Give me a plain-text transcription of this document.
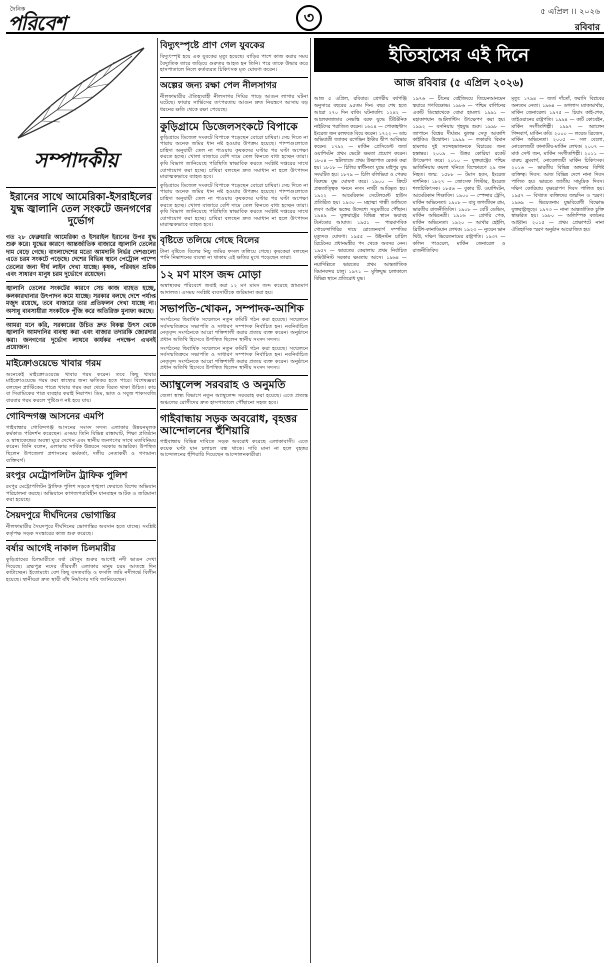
দৈনিক
পরিবেশ	৩	৫ এপ্রিল ।। ২০২৬
রবিবার
সম্পাদকীয়
ইরানের সাথে আমেরিকা-ইসরাইলের যুদ্ধ জ্বালানি তেল সংকটে জনগণের দুর্ভোগ

গত ২৮ ফেব্রুয়ারি আমেরিকা ও ইসরাইল ইরানের উপর যুদ্ধ শুরু করে। যুদ্ধের কারণে আন্তর্জাতিক বাজারে জ্বালানি তেলের দাম বেড়ে গেছে। বাংলাদেশের মতো আমদানি নির্ভর দেশগুলো এতে চরম সংকটে পড়েছে। দেশের বিভিন্ন স্থানে পেট্রোল পাম্পে তেলের জন্য দীর্ঘ লাইন দেখা যাচ্ছে। কৃষক, পরিবহন শ্রমিক এবং সাধারণ মানুষ চরম দুর্ভোগে রয়েছেন।

জ্বালানি তেলের সংকটের কারণে সেচ কাজ ব্যাহত হচ্ছে, কলকারখানার উৎপাদন কমে যাচ্ছে। সরকার বলছে দেশে পর্যাপ্ত মজুদ রয়েছে, তবে বাজারে তার প্রতিফলন দেখা যাচ্ছে না। অসাধু ব্যবসায়ীরা সংকটকে পুঁজি করে অতিরিক্ত মুনাফা করছে।

আমরা মনে করি, সরকারের উচিত দ্রুত বিকল্প উৎস থেকে জ্বালানি আমদানির ব্যবস্থা করা এবং বাজার তদারকি জোরদার করা। জনগণের দুর্ভোগ লাঘবে কার্যকর পদক্ষেপ এখনই প্রয়োজন।

মাইক্রোওয়েভে খাবার গরম

অনেকেই মাইক্রোওয়েভে খাবার গরম করেন। তবে কিছু খাবার মাইক্রোওয়েভে গরম করা স্বাস্থ্যের জন্য ক্ষতিকর হতে পারে। বিশেষজ্ঞরা বলছেন প্লাস্টিকের পাত্রে খাবার গরম করা থেকে বিরত থাকা উচিত। কাচ বা সিরামিকের পাত্র ব্যবহার করাই নিরাপদ। ডিম, ভাত ও সবুজ শাকসবজি বারবার গরম করলে পুষ্টিগুণ নষ্ট হয়ে যায়।

গোবিন্দগঞ্জ আসনের এমপি

গাইবান্ধার গোবিন্দগঞ্জ আসনের সংসদ সদস্য এলাকার উন্নয়নমূলক কর্মকাণ্ড পরিদর্শন করেছেন। এসময় তিনি বিভিন্ন রাস্তাঘাট, শিক্ষা প্রতিষ্ঠান ও স্বাস্থ্যকেন্দ্রের অবস্থা ঘুরে দেখেন এবং স্থানীয় জনগণের সাথে মতবিনিময় করেন। তিনি বলেন, এলাকার সার্বিক উন্নয়নে সরকার আন্তরিক। উপস্থিত ছিলেন উপজেলা প্রশাসনের কর্মকর্তা, দলীয় নেতাকর্মী ও গণ্যমান্য ব্যক্তিবর্গ।

রংপুর মেট্রোপলিটন ট্রাফিক পুলিশ

রংপুর মেট্রোপলিটন ট্রাফিক পুলিশ সড়কে শৃঙ্খলা ফেরাতে বিশেষ অভিযান পরিচালনা করছে। অভিযানে কাগজপত্রবিহীন যানবাহন আটক ও জরিমানা করা হয়েছে।

সৈয়দপুরে দীর্ঘদিনের ভোগান্তির

নীলফামারীর সৈয়দপুরে দীর্ঘদিনের ভোগান্তির অবসান হতে যাচ্ছে। সংশ্লিষ্ট কর্তৃপক্ষ সড়ক সংস্কারের কাজ শুরু করেছে।

বর্ষার আগেই নাকাল চিলমারীর

কুড়িগ্রামের চিলমারীতে বর্ষা মৌসুম শুরুর আগেই নদী ভাঙন দেখা দিয়েছে। ব্রহ্মপুত্র নদের তীরবর্তী এলাকার মানুষ চরম আতঙ্কে দিন কাটাচ্ছেন। ইতোমধ্যে বেশ কিছু বসতবাড়ি ও ফসলি জমি নদীগর্ভে বিলীন হয়েছে। স্থানীয়রা দ্রুত স্থায়ী বাঁধ নির্মাণের দাবি জানিয়েছেন।

বিদ্যুৎস্পৃষ্টে প্রাণ গেল যুবকের

বিদ্যুৎস্পৃষ্ট হয়ে এক যুবকের মৃত্যু হয়েছে। বাড়ির পাশে কাজ করার সময় বৈদ্যুতিক তারে জড়িয়ে গুরুতর আহত হন তিনি। পরে তাকে উদ্ধার করে হাসপাতালে নিলে কর্তব্যরত চিকিৎসক মৃত ঘোষণা করেন।

অল্পের জন্য রক্ষা পেল নীলসাগর

নীলফামারীর ঐতিহ্যবাহী নীলসাগর দিঘির পাড়ে আগুন লাগার ঘটনা ঘটেছে। ফায়ার সার্ভিসের তৎপরতায় আগুন দ্রুত নিয়ন্ত্রণে আসায় বড় ধরনের ক্ষতি থেকে রক্ষা পেয়েছে।

কুড়িগ্রামে ডিজেলসংকটে বিপাকে

কুড়িগ্রামে ডিজেল সংকটে বিপাকে পড়েছেন বোরো চাষিরা। সেচ দিতে না পারায় অনেক জমির ধান নষ্ট হওয়ার উপক্রম হয়েছে। পাম্পগুলোতে চাহিদা অনুযায়ী তেল না পাওয়ায় কৃষকদের ঘণ্টার পর ঘণ্টা অপেক্ষা করতে হচ্ছে। খোলা বাজারে বেশি দামে তেল কিনতে বাধ্য হচ্ছেন তারা। কৃষি বিভাগ জানিয়েছে পরিস্থিতি স্বাভাবিক করতে সংশ্লিষ্ট দপ্তরের সাথে যোগাযোগ করা হচ্ছে। চাষিরা বলছেন দ্রুত সমাধান না হলে উৎপাদন মারাত্মকভাবে ব্যাহত হবে।

কুড়িগ্রামে ডিজেল সংকটে বিপাকে পড়েছেন বোরো চাষিরা। সেচ দিতে না পারায় অনেক জমির ধান নষ্ট হওয়ার উপক্রম হয়েছে। পাম্পগুলোতে চাহিদা অনুযায়ী তেল না পাওয়ায় কৃষকদের ঘণ্টার পর ঘণ্টা অপেক্ষা করতে হচ্ছে। খোলা বাজারে বেশি দামে তেল কিনতে বাধ্য হচ্ছেন তারা। কৃষি বিভাগ জানিয়েছে পরিস্থিতি স্বাভাবিক করতে সংশ্লিষ্ট দপ্তরের সাথে যোগাযোগ করা হচ্ছে। চাষিরা বলছেন দ্রুত সমাধান না হলে উৎপাদন মারাত্মকভাবে ব্যাহত হবে।

বৃষ্টিতে তলিয়ে গেছে বিলের

টানা বৃষ্টিতে বিলের নিচু জমির ফসল তলিয়ে গেছে। কৃষকেরা বলছেন পানি নিষ্কাশনের ব্যবস্থা না থাকায় এই ক্ষতির মুখে পড়েছেন তারা।

১২ মণ মাংস জব্দ মোড়া

অস্বাস্থ্যকর পরিবেশে জবাই করা ১২ মণ মাংস জব্দ করেছে ভ্রাম্যমাণ আদালত। এসময় সংশ্লিষ্ট ব্যবসায়ীকে জরিমানা করা হয়।

সভাপতি-খোকন, সম্পাদক-আশিক

সংগঠনের দ্বিবার্ষিক সম্মেলনে নতুন কমিটি গঠন করা হয়েছে। সম্মেলনে সর্বসম্মতিক্রমে সভাপতি ও সাধারণ সম্পাদক নির্বাচিত হন। নবনির্বাচিত নেতৃবৃন্দ সংগঠনকে আরো শক্তিশালী করার প্রত্যয় ব্যক্ত করেন। অনুষ্ঠানে প্রধান অতিথি হিসেবে উপস্থিত ছিলেন স্থানীয় সংসদ সদস্য।

সংগঠনের দ্বিবার্ষিক সম্মেলনে নতুন কমিটি গঠন করা হয়েছে। সম্মেলনে সর্বসম্মতিক্রমে সভাপতি ও সাধারণ সম্পাদক নির্বাচিত হন। নবনির্বাচিত নেতৃবৃন্দ সংগঠনকে আরো শক্তিশালী করার প্রত্যয় ব্যক্ত করেন। অনুষ্ঠানে প্রধান অতিথি হিসেবে উপস্থিত ছিলেন স্থানীয় সংসদ সদস্য।

অ্যাম্বুলেন্স সরবরাহ ও অনুমতি

জেলা স্বাস্থ্য বিভাগে নতুন অ্যাম্বুলেন্স সরবরাহ করা হয়েছে। এতে প্রত্যন্ত অঞ্চলের রোগীদের দ্রুত হাসপাতালে পৌঁছানো সহজ হবে।

গাইবান্ধায় সড়ক অবরোধ, বৃহত্তর আন্দোলনের হুঁশিয়ারি

গাইবান্ধায় বিভিন্ন দাবিতে সড়ক অবরোধ করেছে এলাকাবাসী। এতে কয়েক ঘণ্টা যান চলাচল বন্ধ থাকে। দাবি মানা না হলে বৃহত্তর আন্দোলনের হুঁশিয়ারি দিয়েছেন আন্দোলনকারীরা।

ইতিহাসের এই দিনে
আজ রবিবার (৫ এপ্রিল ২০২৬)

আজ ৫ এপ্রিল, রবিবার। গ্রেগরীয় বর্ষপঞ্জি অনুসারে বছরের ৯৫তম দিন। বছর শেষ হতে আরো ২৭০ দিন বাকি। ঘটনাবলি: ১২৪২ — আলেকজান্ডার নেভস্কি বরফ যুদ্ধে টিউটনিক নাইটদের পরাজিত করেন। ১৬১৪ — পোকাহন্টাস ইংরেজ জন রলফকে বিয়ে করেন। ১৭২২ — ডাচ অভিযাত্রী জ্যাকব রগেভিন ইস্টার দ্বীপ আবিষ্কার করেন। ১৭৯২ — মার্কিন প্রেসিডেন্ট জর্জ ওয়াশিংটন প্রথম ভেটো ক্ষমতা প্রয়োগ করেন। ১৮০৪ — স্কটল্যান্ডে প্রথম উল্কাপাত রেকর্ড করা হয়। ১৮১৮ — চিলির স্বাধীনতা যুদ্ধে মাইপুর যুদ্ধ সংঘটিত হয়। ১৮৭৯ — চিলি বলিভিয়া ও পেরুর বিরুদ্ধে যুদ্ধ ঘোষণা করে। ১৯০০ — ক্রিটে প্রত্নতাত্ত্বিক খননে নসস নগরী আবিষ্কৃত হয়। ১৯২২ — আমেরিকান সেটেলমেন্ট হাউস প্রতিষ্ঠিত হয়। ১৯৩০ — মহাত্মা গান্ধী ডান্ডিতে লবণ আইন ভঙ্গের উদ্দেশ্যে সমুদ্রতীরে পৌঁছান। ১৯৪৯ — যুক্তরাষ্ট্রের বিভিন্ন স্থানে ভয়াবহ টর্নেডোর আঘাত। ১৯৫১ — পারমাণবিক গোয়েন্দাগিরির দায়ে রোজেনবার্গ দম্পতির মৃত্যুদণ্ড ঘোষণা। ১৯৫৫ — উইনস্টন চার্চিল ব্রিটেনের প্রধানমন্ত্রীর পদ থেকে অবসর নেন। ১৯৫৭ — ভারতের কেরালায় প্রথম নির্বাচিত কমিউনিস্ট সরকার ক্ষমতায় আসে। ১৯৬৪ — নয়াদিল্লিতে ভারতের প্রথম আন্তর্জাতিক বিমানবন্দর চালু। ১৯৭১ — মুক্তিযুদ্ধ চলাকালে বিভিন্ন স্থানে প্রতিরোধ যুদ্ধ।

১৯৭৬ — চীনের বেইজিংয়ে তিয়েনআনমেন স্কয়ারে গণবিক্ষোভ। ১৯৮৬ — পশ্চিম বার্লিনের একটি ডিস্কোথেকে বোমা হামলা। ১৯৯১ — মহাকাশযান আটলান্টিস উৎক্ষেপণ করা হয়। ১৯৯২ — বসনিয়ায় গৃহযুদ্ধ শুরু। ১৯৯৮ — জাপানে বিশ্বের দীর্ঘতম ঝুলন্ত সেতু আকাশি কাইকিও উদ্বোধন। ১৯৯৯ — লকারবি বিমান হামলার দুই সন্দেহভাজনকে বিচারের জন্য হস্তান্তর। ২০০৯ — উত্তর কোরিয়া রকেট উৎক্ষেপণ করে। ২০১০ — যুক্তরাষ্ট্রের পশ্চিম ভার্জিনিয়ায় কয়লা খনিতে বিস্ফোরণে ২৯ জন নিহত। জন্ম: ১৫৮৮ — টমাস হবস, ইংরেজ দার্শনিক। ১৮২৭ — জোসেফ লিস্টার, ইংরেজ শল্যচিকিৎসক। ১৮৫৬ — বুকার টি. ওয়াশিংটন, আমেরিকান শিক্ষাবিদ। ১৯০০ — স্পেন্সার ট্রেসি, মার্কিন অভিনেতা। ১৯০৮ — বাবু জগজীবন রাম, ভারতীয় রাজনীতিবিদ। ১৯০৮ — বেটি ডেভিস, মার্কিন অভিনেত্রী। ১৯১৬ — গ্রেগরি পেক, মার্কিন অভিনেতা। ১৯২০ — আর্থার হেইলি, ব্রিটিশ-কানাডিয়ান লেখক। ১৯২৩ — ন্যুয়েন ভান থিউ, দক্ষিণ ভিয়েতনামের রাষ্ট্রপতি। ১৯৩৭ — কলিন পাওয়েল, মার্কিন জেনারেল ও রাজনীতিবিদ।

মৃত্যু: ১৭৯৪ — জর্জ দাঁতোঁ, ফরাসি বিপ্লবের অন্যতম নেতা। ১৯৬৪ — ডগলাস ম্যাকআর্থার, মার্কিন জেনারেল। ১৯৭৫ — চিয়াং কাই-শেক, তাইওয়ানের রাষ্ট্রপতি। ১৯৯৪ — কার্ট কোবেইন, মার্কিন সংগীতশিল্পী। ১৯৯৭ — অ্যালেন গিন্সবার্গ, মার্কিন কবি। ২০০০ — লয়েড ব্রিজেস, মার্কিন অভিনেতা। ২০০৫ — সল বেলো, নোবেলজয়ী কানাডীয়-মার্কিন লেখক। ২০০৭ — মার্ক সেন্ট জন, মার্কিন সংগীতশিল্পী। ২০১১ — বারুচ ব্লুমবার্গ, নোবেলজয়ী মার্কিন চিকিৎসক। ২০১৬ — ভারতীয় বিভিন্ন অঙ্গনের বিশিষ্ট ব্যক্তিত্ব। দিবস: আজ বিভিন্ন দেশে নানা দিবস পালিত হয়। ভারতে জাতীয় সামুদ্রিক দিবস। দক্ষিণ কোরিয়ায় বৃক্ষরোপণ দিবস পালিত হয়। ১৯৫৭ — বিখ্যাত ব্যক্তিদের জন্মদিন ও স্মরণ। ১৯৬৯ — ভিয়েতনাম যুদ্ধবিরোধী বিক্ষোভ যুক্তরাষ্ট্রজুড়ে। ১৯৭৩ — নানা আন্তর্জাতিক চুক্তি স্বাক্ষরিত হয়। ১৯৮০ — অলিম্পিক বর্জনের আহ্বান। ২০১৫ — প্রথম প্রেক্ষাপটে নানা ঐতিহাসিক স্মরণ অনুষ্ঠান আয়োজিত হয়।
